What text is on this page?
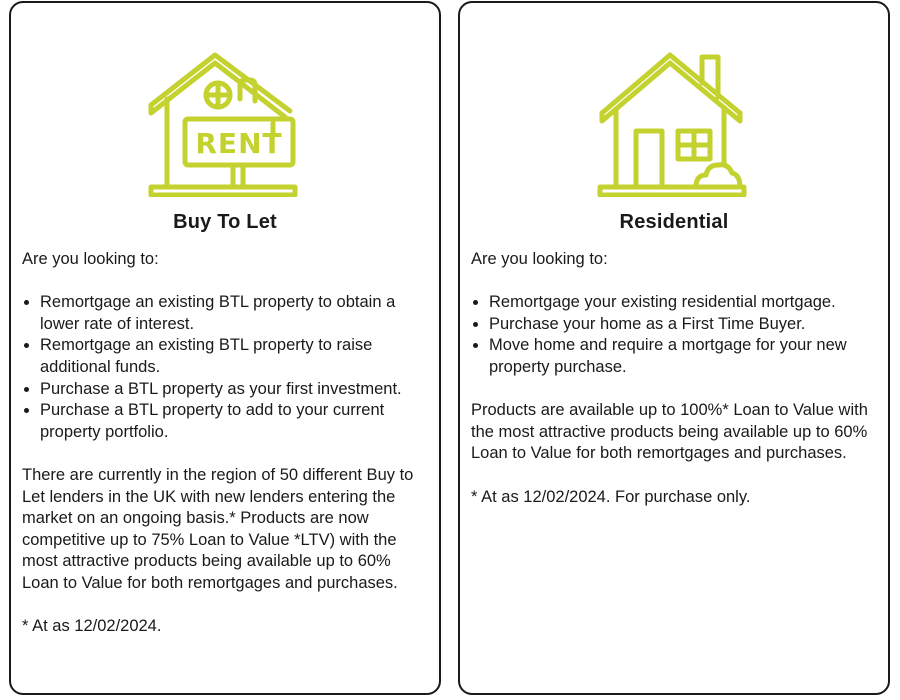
RENT
Buy To Let

Are you looking to:

• Remortgage an existing BTL property to obtain a lower rate of interest.
• Remortgage an existing BTL property to raise additional funds.
• Purchase a BTL property as your first investment.
• Purchase a BTL property to add to your current property portfolio.

There are currently in the region of 50 different Buy to Let lenders in the UK with new lenders entering the market on an ongoing basis.* Products are now competitive up to 75% Loan to Value *LTV) with the most attractive products being available up to 60% Loan to Value for both remortgages and purchases.

* At as 12/02/2024.

Residential

Are you looking to:

• Remortgage your existing residential mortgage.
• Purchase your home as a First Time Buyer.
• Move home and require a mortgage for your new property purchase.

Products are available up to 100%* Loan to Value with the most attractive products being available up to 60% Loan to Value for both remortgages and purchases.

* At as 12/02/2024. For purchase only.
